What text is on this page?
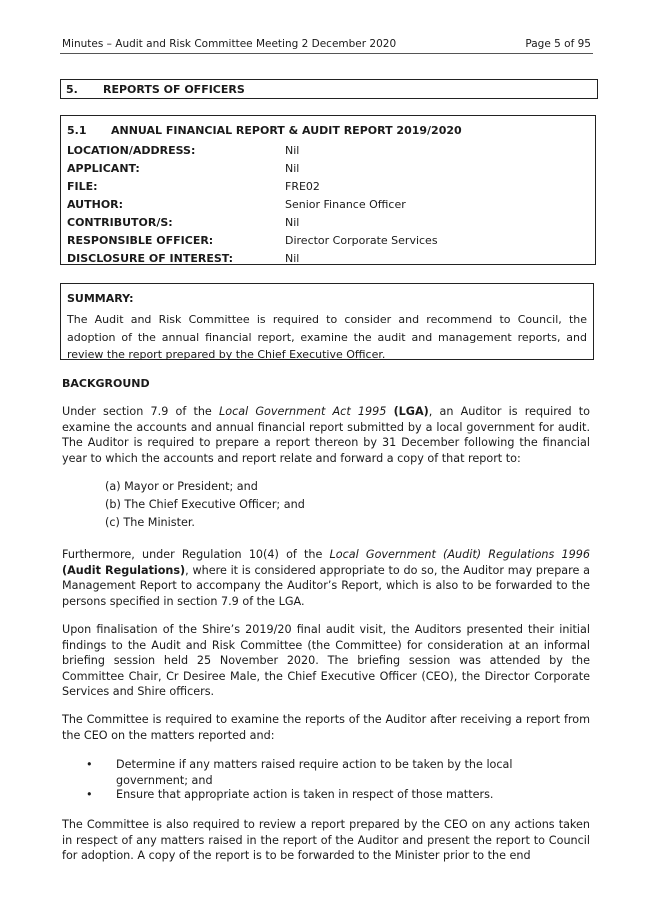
Minutes – Audit and Risk Committee Meeting 2 December 2020	Page 5 of 95
5. REPORTS OF OFFICERS
5.1 ANNUAL FINANCIAL REPORT & AUDIT REPORT 2019/2020
LOCATION/ADDRESS:	Nil
APPLICANT:	Nil
FILE:	FRE02
AUTHOR:	Senior Finance Officer
CONTRIBUTOR/S:	Nil
RESPONSIBLE OFFICER:	Director Corporate Services
DISCLOSURE OF INTEREST:	Nil
SUMMARY:
The Audit and Risk Committee is required to consider and recommend to Council, the adoption of the annual financial report, examine the audit and management reports, and review the report prepared by the Chief Executive Officer.
BACKGROUND
Under section 7.9 of the Local Government Act 1995 (LGA), an Auditor is required to examine the accounts and annual financial report submitted by a local government for audit. The Auditor is required to prepare a report thereon by 31 December following the financial year to which the accounts and report relate and forward a copy of that report to:
(a) Mayor or President; and
(b) The Chief Executive Officer; and
(c) The Minister.
Furthermore, under Regulation 10(4) of the Local Government (Audit) Regulations 1996 (Audit Regulations), where it is considered appropriate to do so, the Auditor may prepare a Management Report to accompany the Auditor’s Report, which is also to be forwarded to the persons specified in section 7.9 of the LGA.
Upon finalisation of the Shire’s 2019/20 final audit visit, the Auditors presented their initial findings to the Audit and Risk Committee (the Committee) for consideration at an informal briefing session held 25 November 2020. The briefing session was attended by the Committee Chair, Cr Desiree Male, the Chief Executive Officer (CEO), the Director Corporate Services and Shire officers.
The Committee is required to examine the reports of the Auditor after receiving a report from the CEO on the matters reported and:
• Determine if any matters raised require action to be taken by the local government; and
• Ensure that appropriate action is taken in respect of those matters.
The Committee is also required to review a report prepared by the CEO on any actions taken in respect of any matters raised in the report of the Auditor and present the report to Council for adoption. A copy of the report is to be forwarded to the Minister prior to the end
